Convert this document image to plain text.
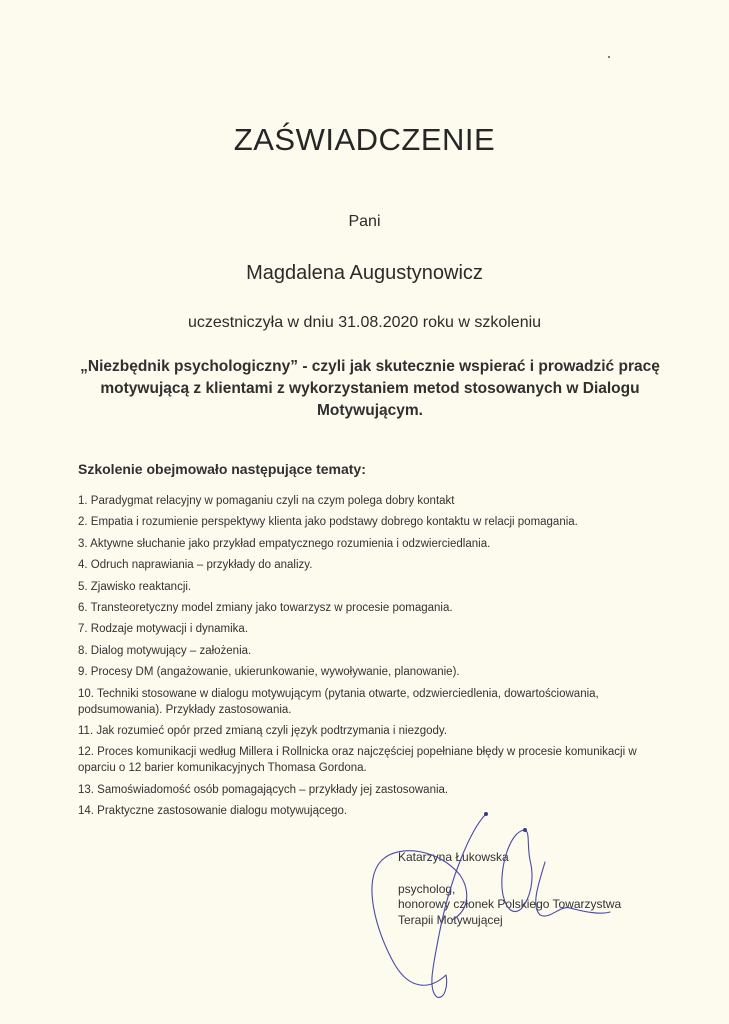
ZAŚWIADCZENIE
Pani
Magdalena Augustynowicz
uczestniczyła w dniu 31.08.2020 roku w szkoleniu
„Niezbędnik psychologiczny” - czyli jak skutecznie wspierać i prowadzić pracę
motywującą z klientami z wykorzystaniem metod stosowanych w Dialogu
Motywującym.
Szkolenie obejmowało następujące tematy:
1. Paradygmat relacyjny w pomaganiu czyli na czym polega dobry kontakt
2. Empatia i rozumienie perspektywy klienta jako podstawy dobrego kontaktu w relacji pomagania.
3. Aktywne słuchanie jako przykład empatycznego rozumienia i odzwierciedlania.
4. Odruch naprawiania – przykłady do analizy.
5. Zjawisko reaktancji.
6. Transteoretyczny model zmiany jako towarzysz w procesie pomagania.
7. Rodzaje motywacji i dynamika.
8. Dialog motywujący – założenia.
9. Procesy DM (angażowanie, ukierunkowanie, wywoływanie, planowanie).
10. Techniki stosowane w dialogu motywującym (pytania otwarte, odzwierciedlenia, dowartościowania, podsumowania). Przykłady zastosowania.
11. Jak rozumieć opór przed zmianą czyli język podtrzymania i niezgody.
12. Proces komunikacji według Millera i Rollnicka oraz najczęściej popełniane błędy w procesie komunikacji w oparciu o 12 barier komunikacyjnych Thomasa Gordona.
13. Samoświadomość osób pomagających – przykłady jej zastosowania.
14. Praktyczne zastosowanie dialogu motywującego.
Katarzyna Łukowska
psycholog,
honorowy członek Polskiego Towarzystwa
Terapii Motywującej
